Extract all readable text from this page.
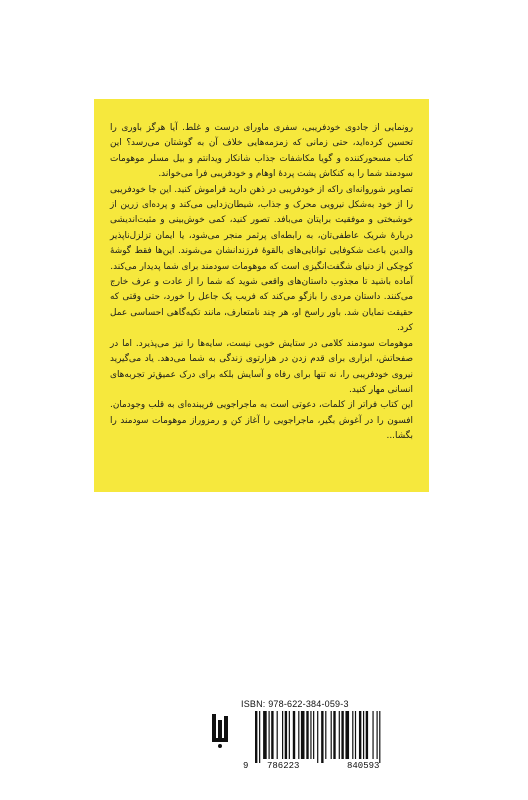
رونمایی از جادوی خودفریبی، سفری ماورای درست و غلط. آیا هرگز باوری را تحسین کرده‌اید، حتی زمانی که زمزمه‌هایی خلاف آن به گوشتان می‌رسد؟ این کتاب مسحورکننده و گویا مکاشفات جذاب شانکار ویدانتم و بیل مسلر موهومات سودمند شما را به کنکاش پشت پردهٔ اوهام و خودفریبی فرا می‌خواند.

تصاویر شوروانه‌ای راکه از خودفریبی در ذهن دارید فراموش کنید. این جا خودفریبی را از خود به‌شکل نیرویی محرک و جذاب، شیطان‌زدایی می‌کند و پرده‌ای زرین از خوشبختی و موفقیت برایتان می‌بافد. تصور کنید، کمی خوش‌بینی و مثبت‌اندیشی دربارهٔ شریک عاطفی‌تان، به رابطه‌ای پرثمر منجر می‌شود، یا ایمان تزلزل‌ناپذیر والدین باعث شکوفایی توانایی‌های بالقوهٔ فرزندانشان می‌شوند. این‌ها فقط گوشهٔ کوچکی از دنیای شگفت‌انگیزی است که موهومات سودمند برای شما پدیدار می‌کند.

آماده باشید تا مجذوب داستان‌های واقعی شوید که شما را از عادت و عرف خارج می‌کنند. داستان مردی را بازگو می‌کند که فریب یک جاعل را خورد، حتی وقتی که حقیقت نمایان شد. باور راسخ او، هر چند نامتعارف، مانند تکیه‌گاهی احساسی عمل کرد.

موهومات سودمند کلامی در ستایش خوبی نیست، سایه‌ها را نیز می‌پذیرد. اما در صفحاتش، ابزاری برای قدم زدن در هزارتوی زندگی به شما می‌دهد. یاد می‌گیرید نیروی خودفریبی را، نه تنها برای رفاه و آسایش بلکه برای درک عمیق‌تر تجربه‌های انسانی مهار کنید.

این کتاب فراتر از کلمات، دعوتی است به ماجراجویی فریبنده‌ای به قلب وجودمان. افسون را در آغوش بگیر، ماجراجویی را آغاز کن و رمزوراز موهومات سودمند را بگشا...

ISBN: 978-622-384-059-3
9 786223	840593
